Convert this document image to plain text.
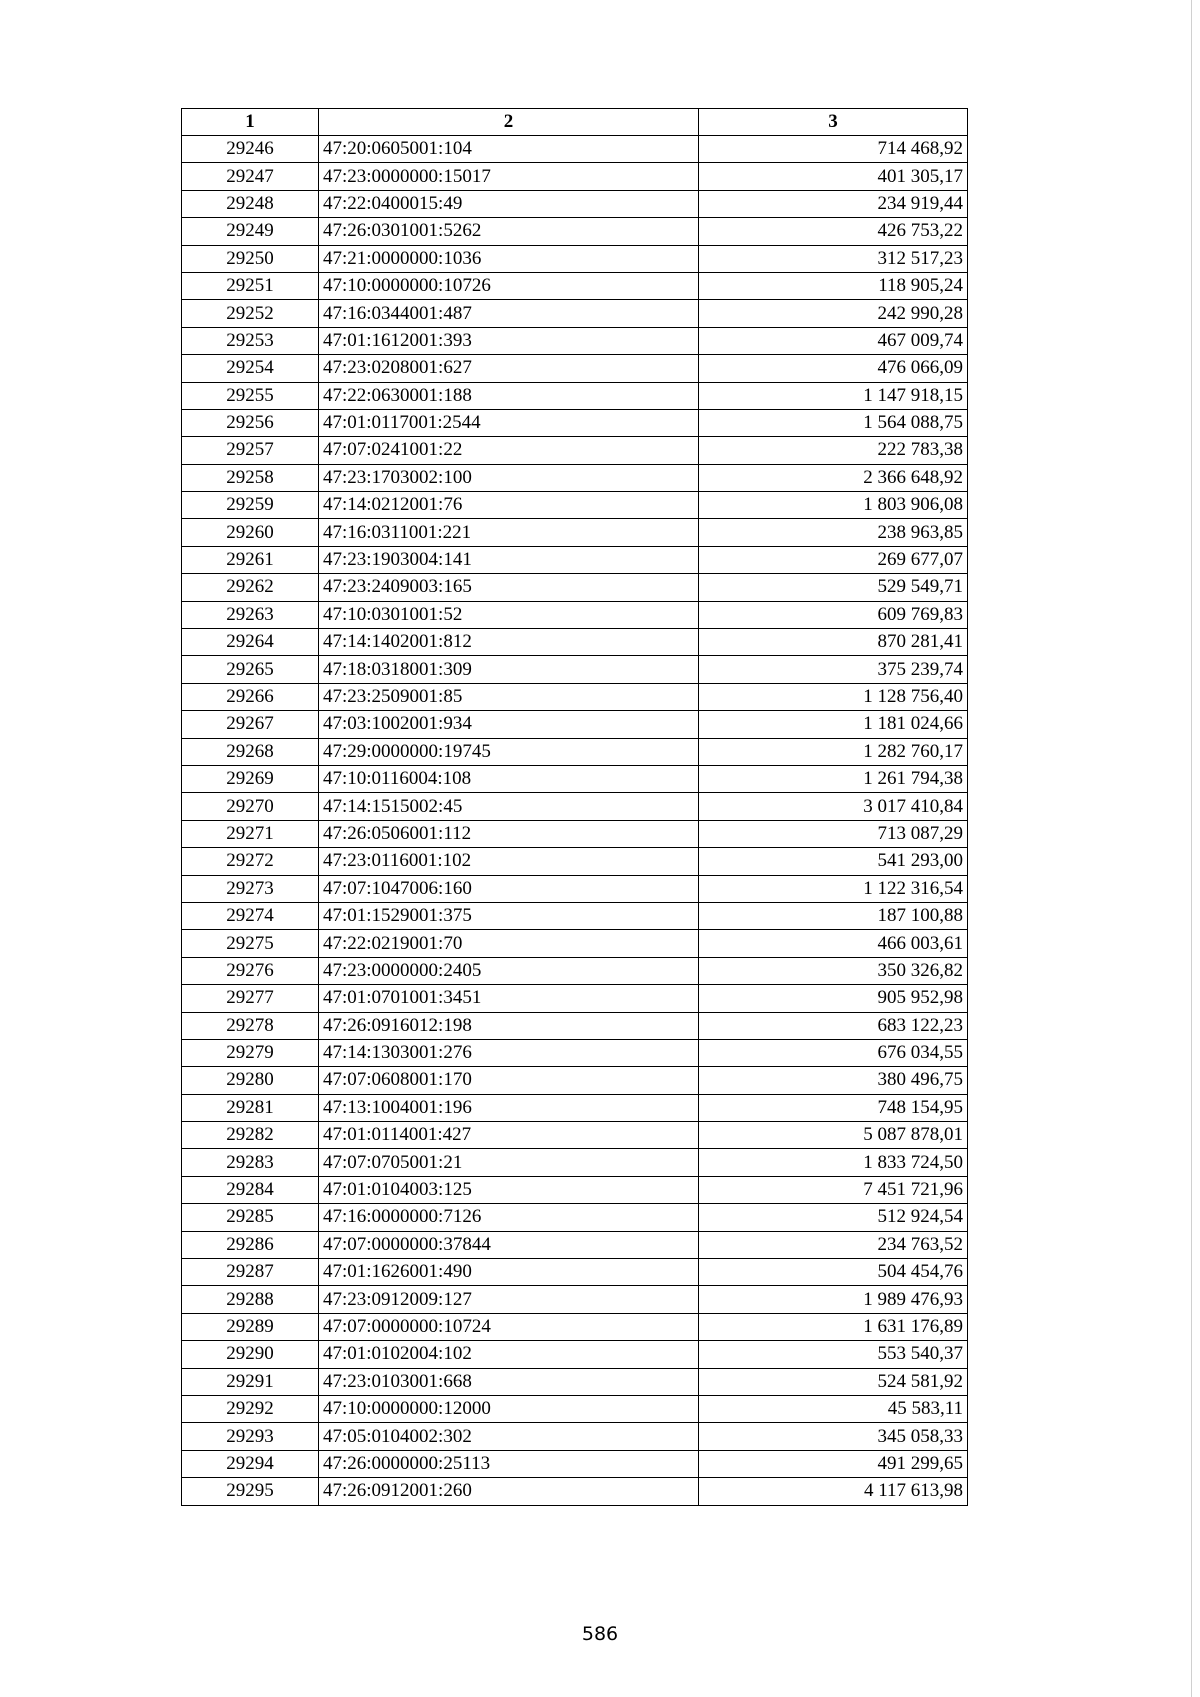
1	2	3
29246	47:20:0605001:104	714 468,92
29247	47:23:0000000:15017	401 305,17
29248	47:22:0400015:49	234 919,44
29249	47:26:0301001:5262	426 753,22
29250	47:21:0000000:1036	312 517,23
29251	47:10:0000000:10726	118 905,24
29252	47:16:0344001:487	242 990,28
29253	47:01:1612001:393	467 009,74
29254	47:23:0208001:627	476 066,09
29255	47:22:0630001:188	1 147 918,15
29256	47:01:0117001:2544	1 564 088,75
29257	47:07:0241001:22	222 783,38
29258	47:23:1703002:100	2 366 648,92
29259	47:14:0212001:76	1 803 906,08
29260	47:16:0311001:221	238 963,85
29261	47:23:1903004:141	269 677,07
29262	47:23:2409003:165	529 549,71
29263	47:10:0301001:52	609 769,83
29264	47:14:1402001:812	870 281,41
29265	47:18:0318001:309	375 239,74
29266	47:23:2509001:85	1 128 756,40
29267	47:03:1002001:934	1 181 024,66
29268	47:29:0000000:19745	1 282 760,17
29269	47:10:0116004:108	1 261 794,38
29270	47:14:1515002:45	3 017 410,84
29271	47:26:0506001:112	713 087,29
29272	47:23:0116001:102	541 293,00
29273	47:07:1047006:160	1 122 316,54
29274	47:01:1529001:375	187 100,88
29275	47:22:0219001:70	466 003,61
29276	47:23:0000000:2405	350 326,82
29277	47:01:0701001:3451	905 952,98
29278	47:26:0916012:198	683 122,23
29279	47:14:1303001:276	676 034,55
29280	47:07:0608001:170	380 496,75
29281	47:13:1004001:196	748 154,95
29282	47:01:0114001:427	5 087 878,01
29283	47:07:0705001:21	1 833 724,50
29284	47:01:0104003:125	7 451 721,96
29285	47:16:0000000:7126	512 924,54
29286	47:07:0000000:37844	234 763,52
29287	47:01:1626001:490	504 454,76
29288	47:23:0912009:127	1 989 476,93
29289	47:07:0000000:10724	1 631 176,89
29290	47:01:0102004:102	553 540,37
29291	47:23:0103001:668	524 581,92
29292	47:10:0000000:12000	45 583,11
29293	47:05:0104002:302	345 058,33
29294	47:26:0000000:25113	491 299,65
29295	47:26:0912001:260	4 117 613,98
586
